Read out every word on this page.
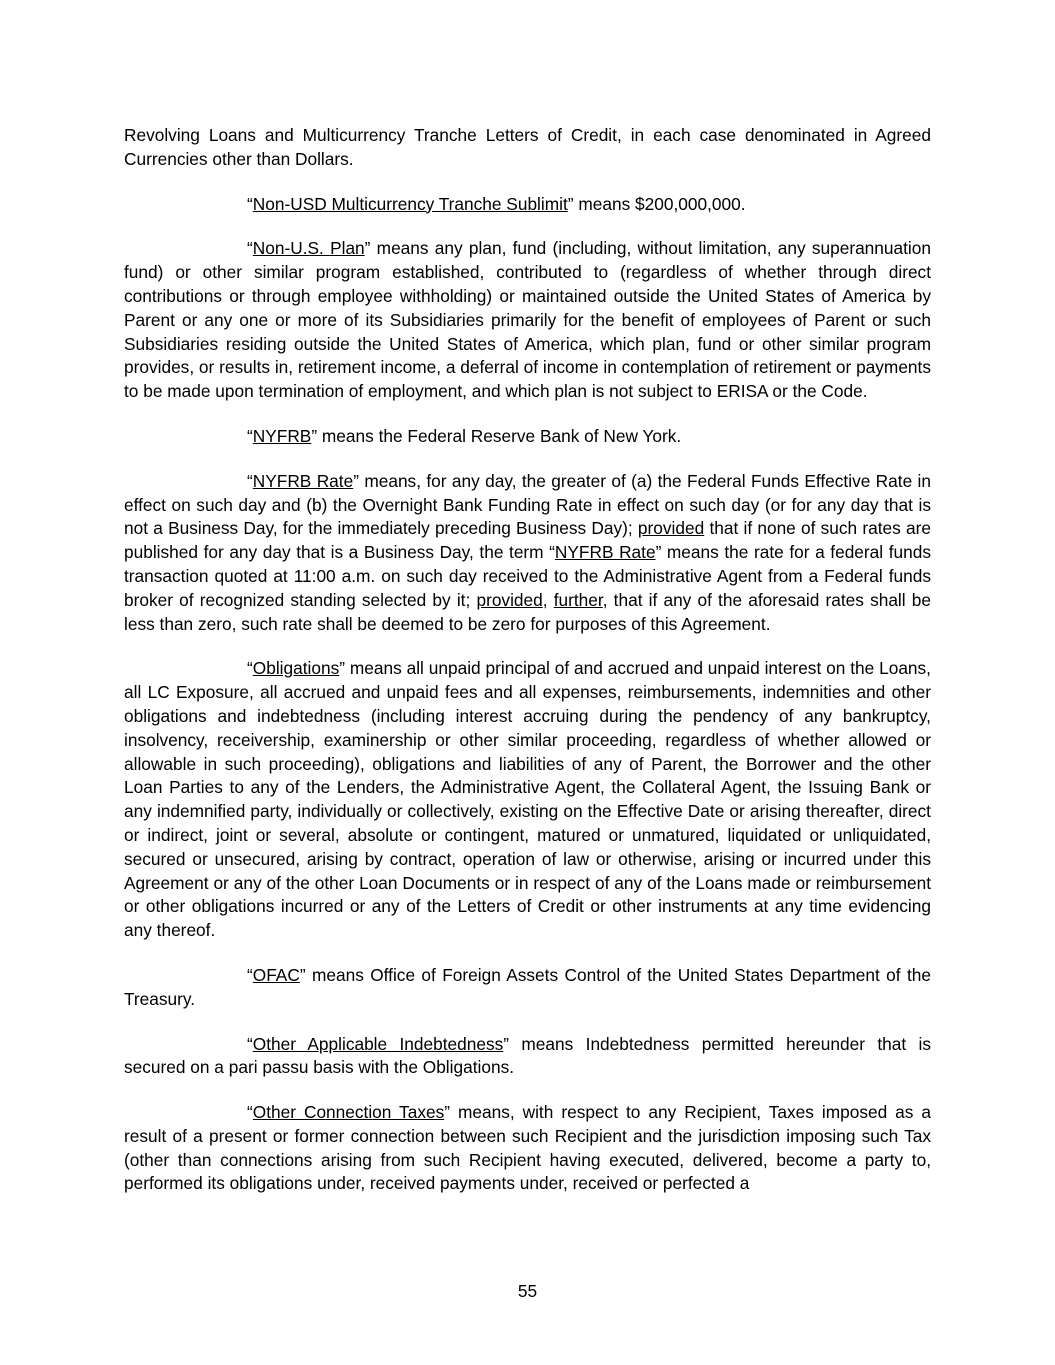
Revolving Loans and Multicurrency Tranche Letters of Credit, in each case denominated in Agreed Currencies other than Dollars.

“Non-USD Multicurrency Tranche Sublimit” means $200,000,000.

“Non-U.S. Plan” means any plan, fund (including, without limitation, any superannuation fund) or other similar program established, contributed to (regardless of whether through direct contributions or through employee withholding) or maintained outside the United States of America by Parent or any one or more of its Subsidiaries primarily for the benefit of employees of Parent or such Subsidiaries residing outside the United States of America, which plan, fund or other similar program provides, or results in, retirement income, a deferral of income in contemplation of retirement or payments to be made upon termination of employment, and which plan is not subject to ERISA or the Code.

“NYFRB” means the Federal Reserve Bank of New York.

“NYFRB Rate” means, for any day, the greater of (a) the Federal Funds Effective Rate in effect on such day and (b) the Overnight Bank Funding Rate in effect on such day (or for any day that is not a Business Day, for the immediately preceding Business Day); provided that if none of such rates are published for any day that is a Business Day, the term “NYFRB Rate” means the rate for a federal funds transaction quoted at 11:00 a.m. on such day received to the Administrative Agent from a Federal funds broker of recognized standing selected by it; provided, further, that if any of the aforesaid rates shall be less than zero, such rate shall be deemed to be zero for purposes of this Agreement.

“Obligations” means all unpaid principal of and accrued and unpaid interest on the Loans, all LC Exposure, all accrued and unpaid fees and all expenses, reimbursements, indemnities and other obligations and indebtedness (including interest accruing during the pendency of any bankruptcy, insolvency, receivership, examinership or other similar proceeding, regardless of whether allowed or allowable in such proceeding), obligations and liabilities of any of Parent, the Borrower and the other Loan Parties to any of the Lenders, the Administrative Agent, the Collateral Agent, the Issuing Bank or any indemnified party, individually or collectively, existing on the Effective Date or arising thereafter, direct or indirect, joint or several, absolute or contingent, matured or unmatured, liquidated or unliquidated, secured or unsecured, arising by contract, operation of law or otherwise, arising or incurred under this Agreement or any of the other Loan Documents or in respect of any of the Loans made or reimbursement or other obligations incurred or any of the Letters of Credit or other instruments at any time evidencing any thereof.

“OFAC” means Office of Foreign Assets Control of the United States Department of the Treasury.

“Other Applicable Indebtedness” means Indebtedness permitted hereunder that is secured on a pari passu basis with the Obligations.

“Other Connection Taxes” means, with respect to any Recipient, Taxes imposed as a result of a present or former connection between such Recipient and the jurisdiction imposing such Tax (other than connections arising from such Recipient having executed, delivered, become a party to, performed its obligations under, received payments under, received or perfected a

55
